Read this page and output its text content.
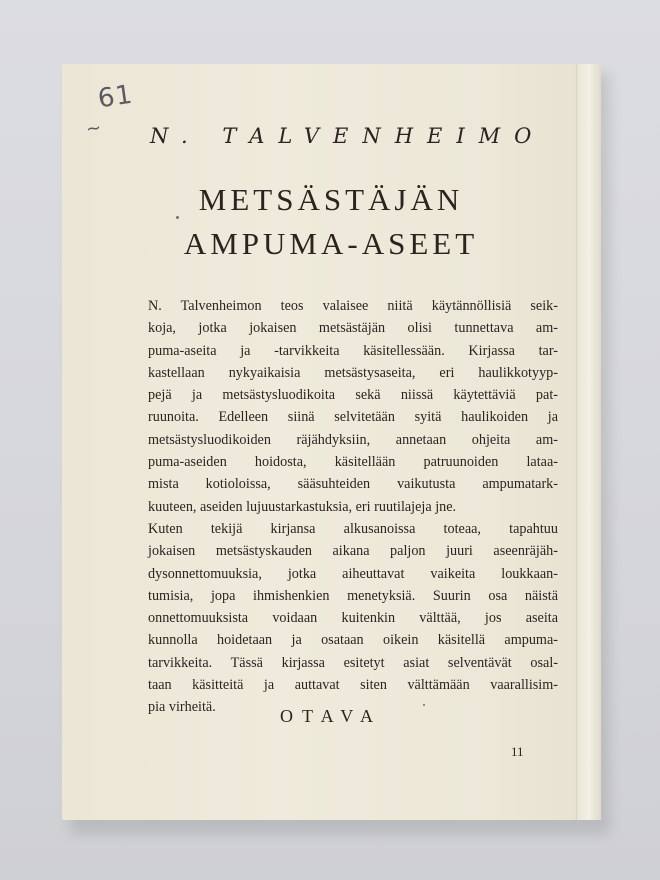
61
~ N. TALVENHEIMO
METSÄSTÄJÄN
AMPUMA-ASEET
N. Talvenheimon teos valaisee niitä käytännöllisiä seik-
koja, jotka jokaisen metsästäjän olisi tunnettava am-
puma-aseita ja -tarvikkeita käsitellessään. Kirjassa tar-
kastellaan nykyaikaisia metsästysaseita, eri haulikkotyyp-
pejä ja metsästysluodikoita sekä niissä käytettäviä pat-
ruunoita. Edelleen siinä selvitetään syitä haulikoiden ja
metsästysluodikoiden räjähdyksiin, annetaan ohjeita am-
puma-aseiden hoidosta, käsitellään patruunoiden lataa-
mista kotioloissa, sääsuhteiden vaikutusta ampumatark-
kuuteen, aseiden lujuustarkastuksia, eri ruutilajeja jne.
Kuten tekijä kirjansa alkusanoissa toteaa, tapahtuu
jokaisen metsästyskauden aikana paljon juuri aseenräjäh-
dysonnettomuuksia, jotka aiheuttavat vaikeita loukkaan-
tumisia, jopa ihmishenkien menetyksiä. Suurin osa näistä
onnettomuuksista voidaan kuitenkin välttää, jos aseita
kunnolla hoidetaan ja osataan oikein käsitellä ampuma-
tarvikkeita. Tässä kirjassa esitetyt asiat selventävät osal-
taan käsitteitä ja auttavat siten välttämään vaarallisim-
pia virheitä.	OTAVA
11
